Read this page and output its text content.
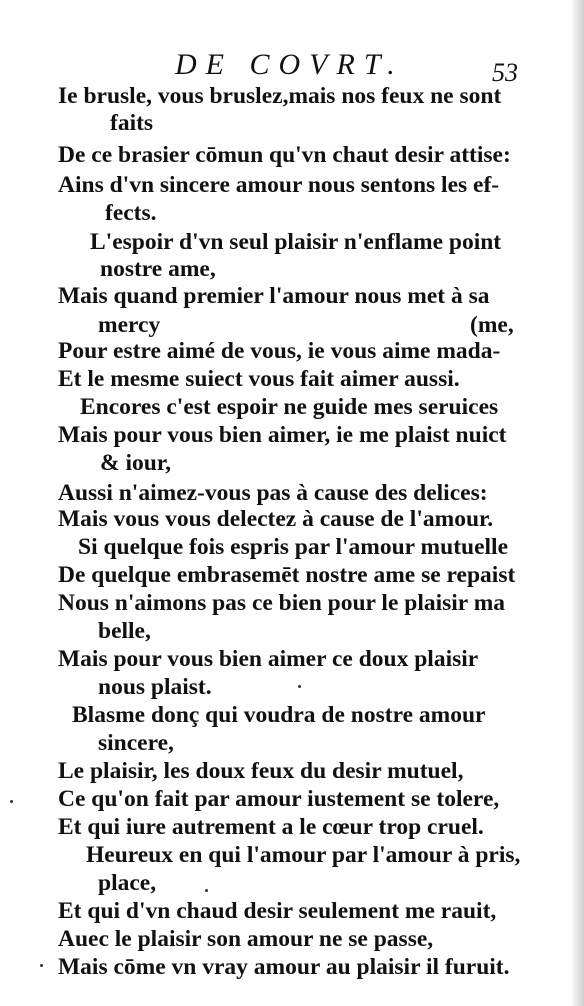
DE COVRT.	53
Ie brusle, vous bruslez,mais nos feux ne sont
faits
De ce brasier cōmun qu'vn chaut desir attise:
Ains d'vn sincere amour nous sentons les ef-
fects.
L'espoir d'vn seul plaisir n'enflame point
nostre ame,
Mais quand premier l'amour nous met à sa
mercy	(me,
Pour estre aimé de vous, ie vous aime mada-
Et le mesme suiect vous fait aimer aussi.
Encores c'est espoir ne guide mes seruices
Mais pour vous bien aimer, ie me plaist nuict
& iour,
Aussi n'aimez-vous pas à cause des delices:
Mais vous vous delectez à cause de l'amour.
Si quelque fois espris par l'amour mutuelle
De quelque embrasemēt nostre ame se repaist
Nous n'aimons pas ce bien pour le plaisir ma
belle,
Mais pour vous bien aimer ce doux plaisir
nous plaist.
Blasme donç qui voudra de nostre amour
sincere,
Le plaisir, les doux feux du desir mutuel,
Ce qu'on fait par amour iustement se tolere,
Et qui iure autrement a le cœur trop cruel.
Heureux en qui l'amour par l'amour à pris,
place,
Et qui d'vn chaud desir seulement me rauit,
Auec le plaisir son amour ne se passe,
Mais cōme vn vray amour au plaisir il furuit.
